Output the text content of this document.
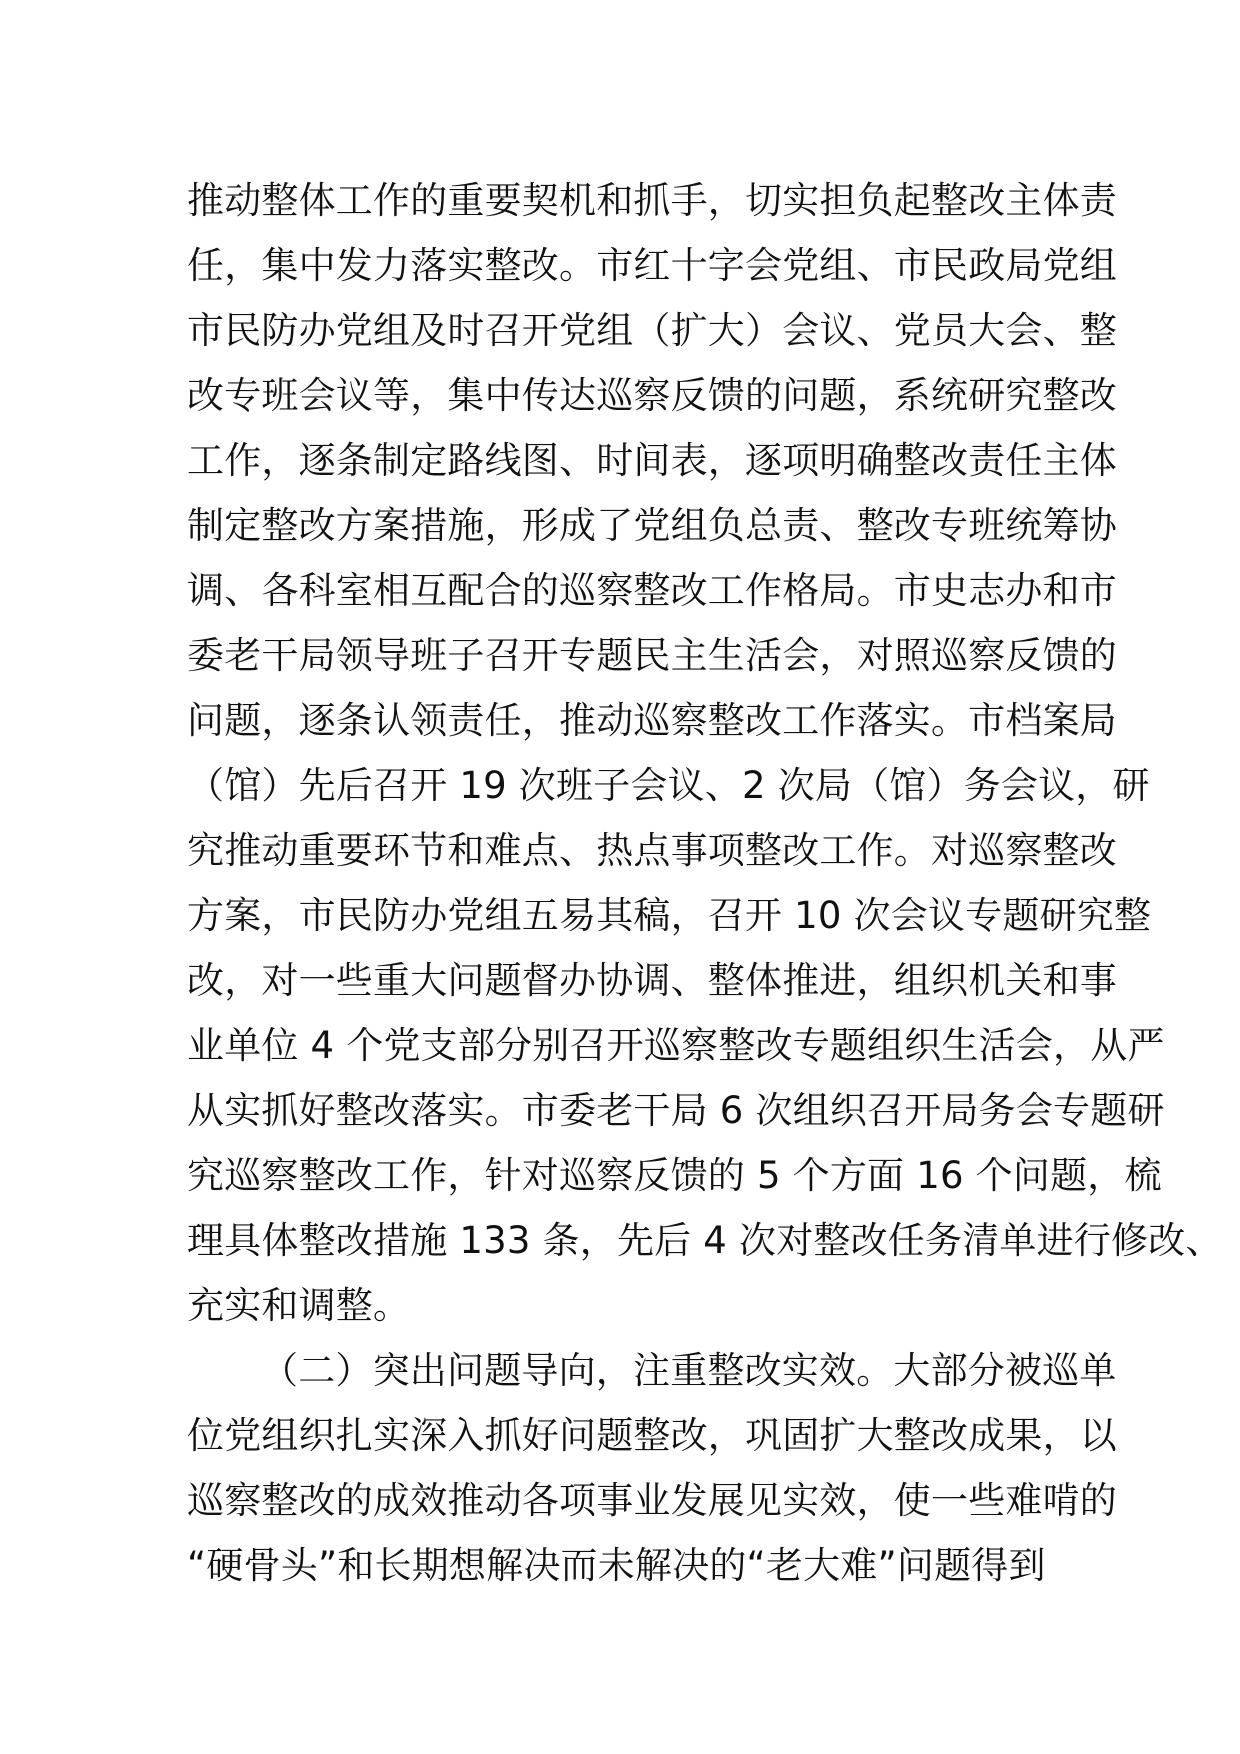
推动整体工作的重要契机和抓手，切实担负起整改主体责
任，集中发力落实整改。市红十字会党组、市民政局党组
市民防办党组及时召开党组（扩大）会议、党员大会、整
改专班会议等，集中传达巡察反馈的问题，系统研究整改
工作，逐条制定路线图、时间表，逐项明确整改责任主体
制定整改方案措施，形成了党组负总责、整改专班统筹协
调、各科室相互配合的巡察整改工作格局。市史志办和市
委老干局领导班子召开专题民主生活会，对照巡察反馈的
问题，逐条认领责任，推动巡察整改工作落实。市档案局
（馆）先后召开 19 次班子会议、2 次局（馆）务会议，研
究推动重要环节和难点、热点事项整改工作。对巡察整改
方案，市民防办党组五易其稿，召开 10 次会议专题研究整
改，对一些重大问题督办协调、整体推进，组织机关和事
业单位 4 个党支部分别召开巡察整改专题组织生活会，从严
从实抓好整改落实。市委老干局 6 次组织召开局务会专题研
究巡察整改工作，针对巡察反馈的 5 个方面 16 个问题，梳
理具体整改措施 133 条，先后 4 次对整改任务清单进行修改、
充实和调整。
（二）突出问题导向，注重整改实效。大部分被巡单
位党组织扎实深入抓好问题整改，巩固扩大整改成果，以
巡察整改的成效推动各项事业发展见实效，使一些难啃的
“硬骨头”和长期想解决而未解决的“老大难”问题得到
